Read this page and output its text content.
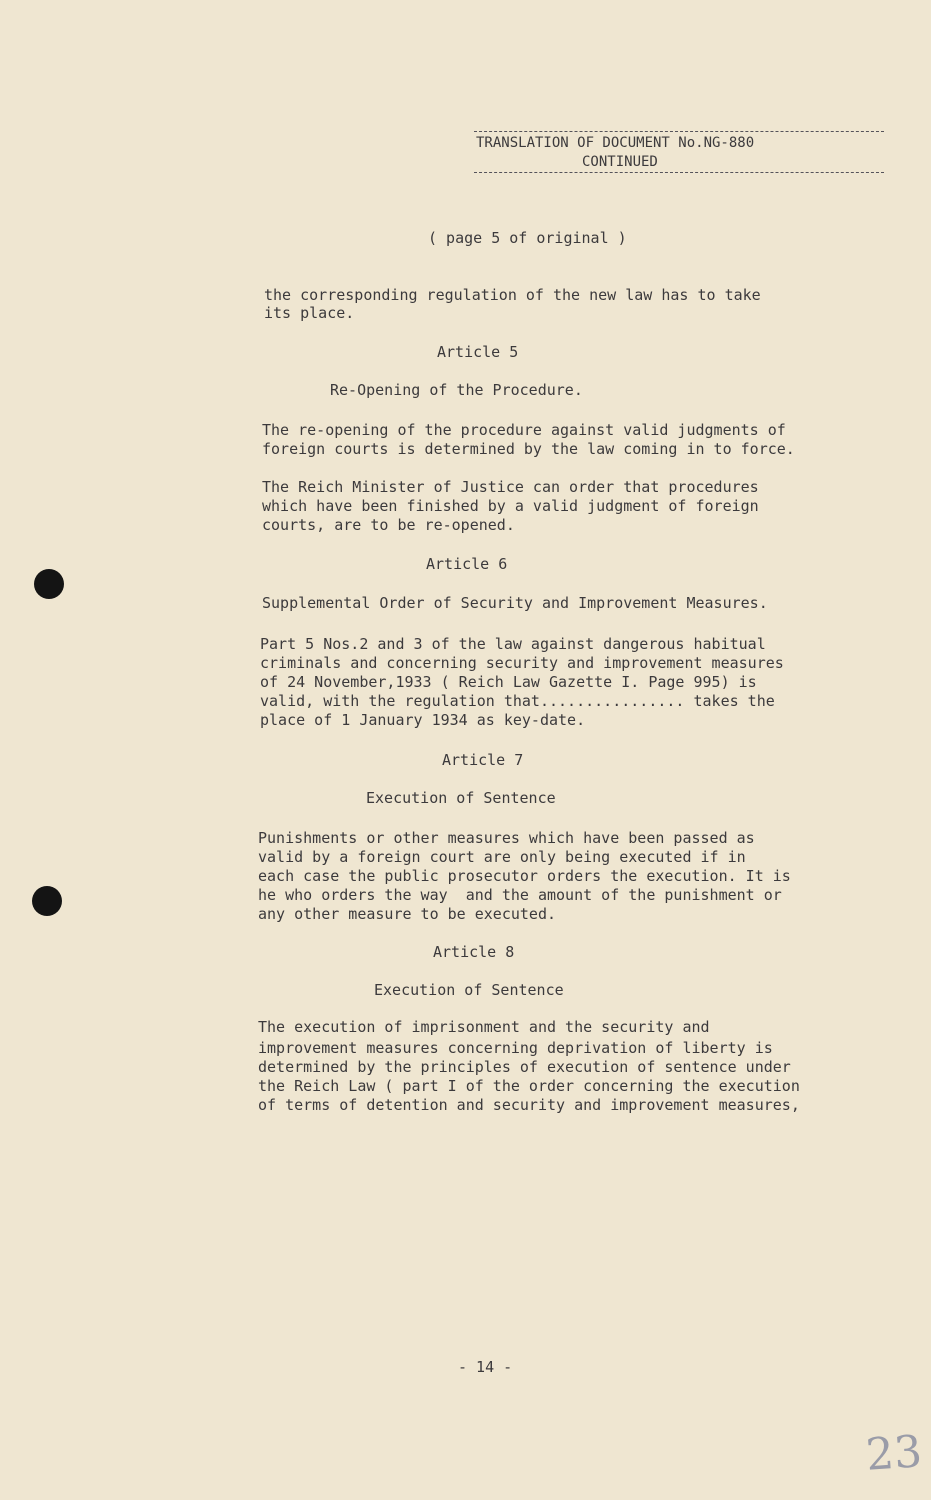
TRANSLATION OF DOCUMENT No.NG-880
CONTINUED
( page 5 of original )
the corresponding regulation of the new law has to take
its place.
Article 5
Re-Opening of the Procedure.
The re-opening of the procedure against valid judgments of
foreign courts is determined by the law coming in to force.
The Reich Minister of Justice can order that procedures
which have been finished by a valid judgment of foreign
courts, are to be re-opened.
Article 6
Supplemental Order of Security and Improvement Measures.
Part 5 Nos.2 and 3 of the law against dangerous habitual
criminals and concerning security and improvement measures
of 24 November,1933 ( Reich Law Gazette I. Page 995) is
valid, with the regulation that................ takes the
place of 1 January 1934 as key-date.
Article 7
Execution of Sentence
Punishments or other measures which have been passed as
valid by a foreign court are only being executed if in
each case the public prosecutor orders the execution. It is
he who orders the way  and the amount of the punishment or
any other measure to be executed.
Article 8
Execution of Sentence
The execution of imprisonment and the security and
improvement measures concerning deprivation of liberty is
determined by the principles of execution of sentence under
the Reich Law ( part I of the order concerning the execution
of terms of detention and security and improvement measures,
- 14 -
23
